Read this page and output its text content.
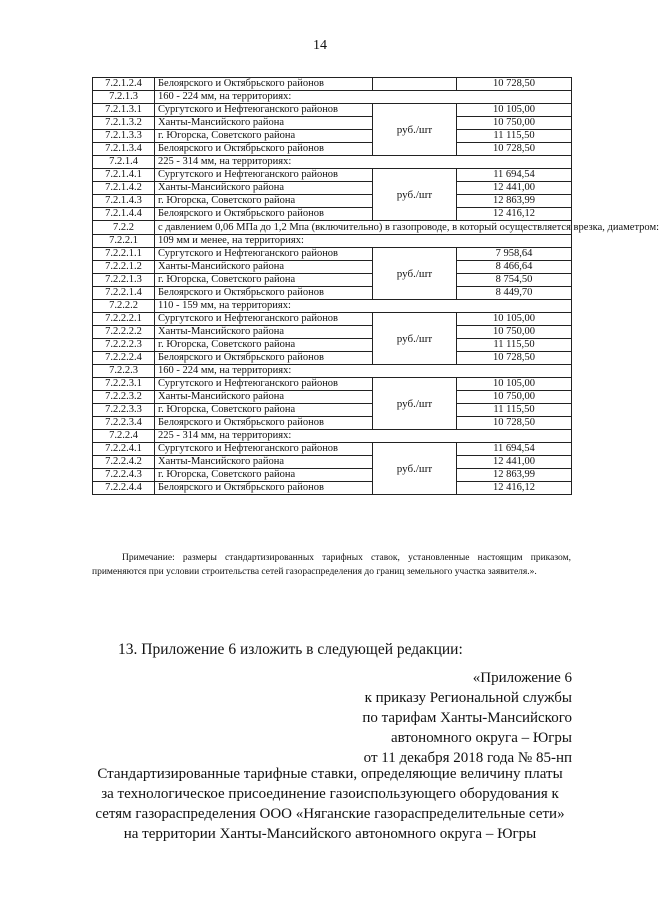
14
7.2.1.2.4	Белоярского и Октябрьского районов		10 728,50
7.2.1.3	160 - 224 мм, на территориях:		
7.2.1.3.1	Сургутского и Нефтеюганского районов	руб./шт	10 105,00
7.2.1.3.2	Ханты-Мансийского района		10 750,00
7.2.1.3.3	г. Югорска, Советского района		11 115,50
7.2.1.3.4	Белоярского и Октябрьского районов		10 728,50
7.2.1.4	225 - 314 мм, на территориях:		
7.2.1.4.1	Сургутского и Нефтеюганского районов	руб./шт	11 694,54
7.2.1.4.2	Ханты-Мансийского района		12 441,00
7.2.1.4.3	г. Югорска, Советского района		12 863,99
7.2.1.4.4	Белоярского и Октябрьского районов		12 416,12
7.2.2	с давлением 0,06 МПа до 1,2 Мпа (включительно) в газопроводе, в который осуществляется врезка, диаметром:		
7.2.2.1	109 мм и менее, на территориях:		
7.2.2.1.1	Сургутского и Нефтеюганского районов	руб./шт	7 958,64
7.2.2.1.2	Ханты-Мансийского района		8 466,64
7.2.2.1.3	г. Югорска, Советского района		8 754,50
7.2.2.1.4	Белоярского и Октябрьского районов		8 449,70
7.2.2.2	110 - 159 мм, на территориях:		
7.2.2.2.1	Сургутского и Нефтеюганского районов	руб./шт	10 105,00
7.2.2.2.2	Ханты-Мансийского района		10 750,00
7.2.2.2.3	г. Югорска, Советского района		11 115,50
7.2.2.2.4	Белоярского и Октябрьского районов		10 728,50
7.2.2.3	160 - 224 мм, на территориях:		
7.2.2.3.1	Сургутского и Нефтеюганского районов	руб./шт	10 105,00
7.2.2.3.2	Ханты-Мансийского района		10 750,00
7.2.2.3.3	г. Югорска, Советского района		11 115,50
7.2.2.3.4	Белоярского и Октябрьского районов		10 728,50
7.2.2.4	225 - 314 мм, на территориях:		
7.2.2.4.1	Сургутского и Нефтеюганского районов	руб./шт	11 694,54
7.2.2.4.2	Ханты-Мансийского района		12 441,00
7.2.2.4.3	г. Югорска, Советского района		12 863,99
7.2.2.4.4	Белоярского и Октябрьского районов		12 416,12
Примечание: размеры стандартизированных тарифных ставок, установленные настоящим приказом, применяются при условии строительства сетей газораспределения до границ земельного участка заявителя.».
13. Приложение 6 изложить в следующей редакции:
«Приложение 6
к приказу Региональной службы
по тарифам Ханты-Мансийского
автономного округа – Югры
от 11 декабря 2018 года № 85-нп
Стандартизированные тарифные ставки, определяющие величину платы
за технологическое присоединение газоиспользующего оборудования к
сетям газораспределения ООО «Няганские газораспределительные сети»
на территории Ханты-Мансийского автономного округа – Югры
